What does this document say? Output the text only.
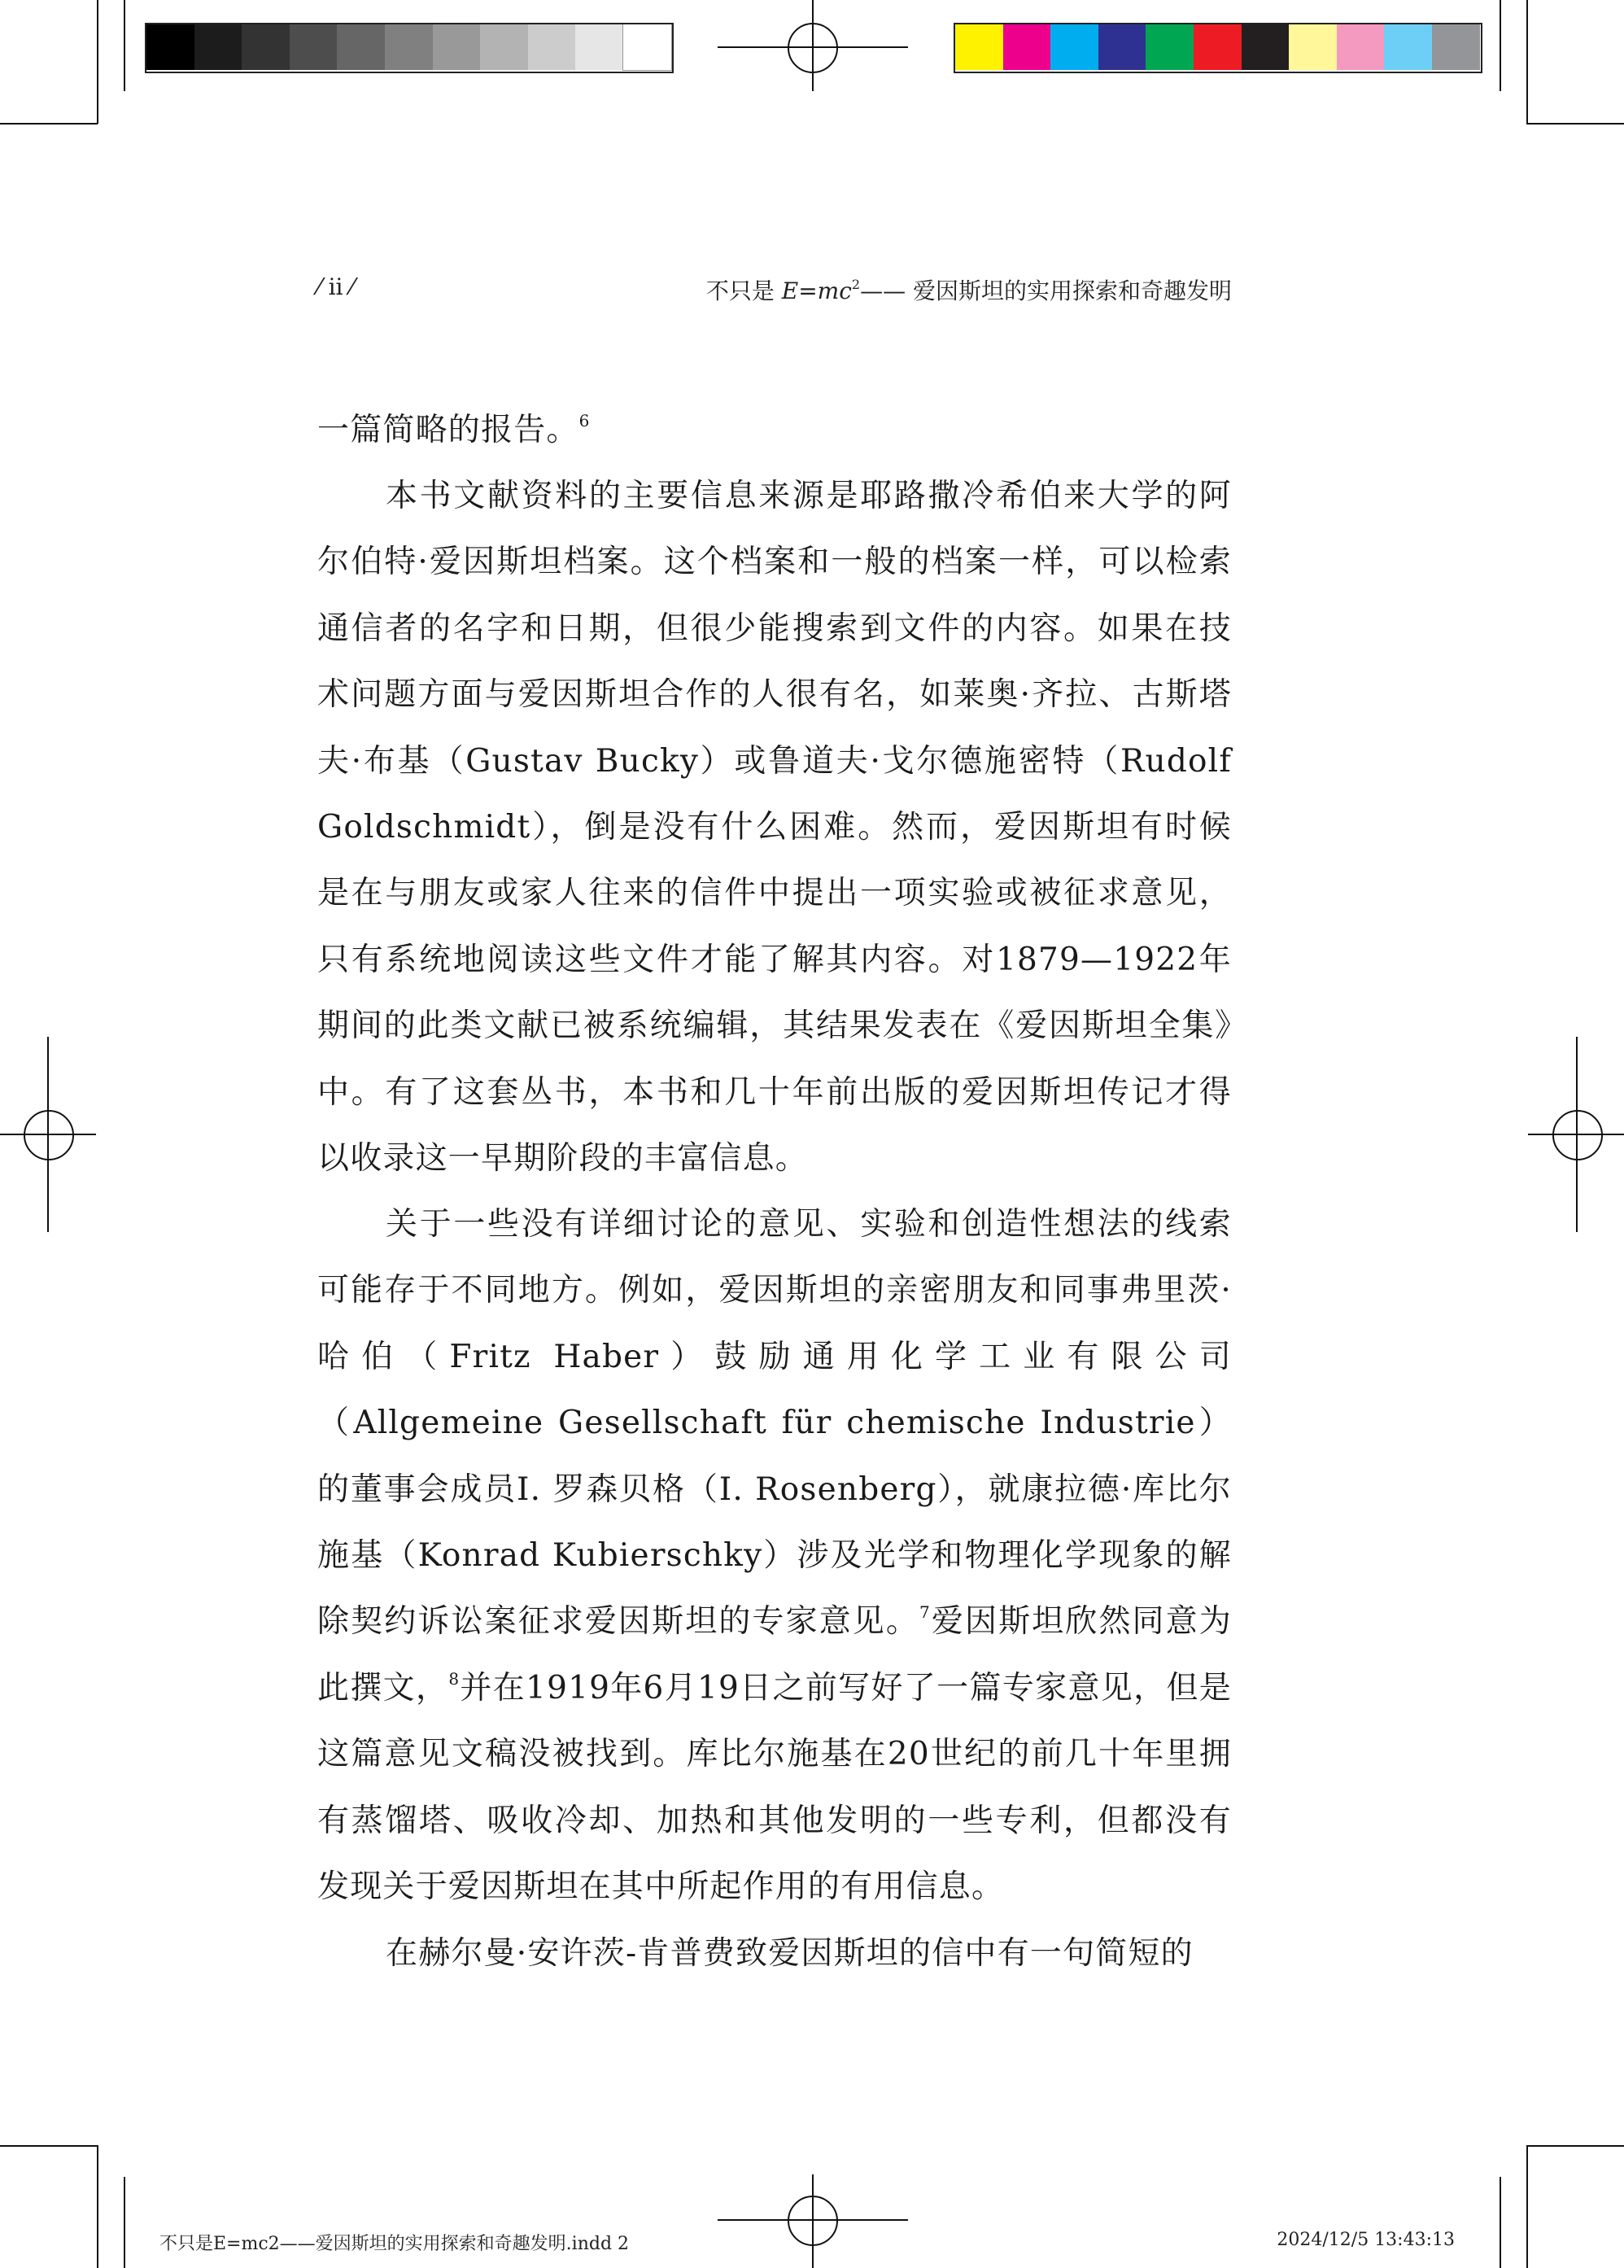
⁄ ii ⁄	不只是 $E=mc^2——$ 爱因斯坦的实用探索和奇趣发明

一篇简略的报告。$^6$

本书文献资料的主要信息来源是耶路撒冷希伯来大学的阿尔伯特·爱因斯坦档案。这个档案和一般的档案一样，可以检索通信者的名字和日期，但很少能搜索到文件的内容。如果在技术问题方面与爱因斯坦合作的人很有名，如莱奥·齐拉、古斯塔夫·布基（Gustav Bucky）或鲁道夫·戈尔德施密特（Rudolf Goldschmidt），倒是没有什么困难。然而，爱因斯坦有时候是在与朋友或家人往来的信件中提出一项实验或被征求意见，只有系统地阅读这些文件才能了解其内容。对1879—1922年期间的此类文献已被系统编辑，其结果发表在《爱因斯坦全集》中。有了这套丛书，本书和几十年前出版的爱因斯坦传记才得以收录这一早期阶段的丰富信息。

关于一些没有详细讨论的意见、实验和创造性想法的线索可能存于不同地方。例如，爱因斯坦的亲密朋友和同事弗里茨·哈伯（Fritz Haber）鼓励通用化学工业有限公司（Allgemeine Gesellschaft für chemische Industrie）的董事会成员I. 罗森贝格（I. Rosenberg），就康拉德·库比尔施基（Konrad Kubierschky）涉及光学和物理化学现象的解除契约诉讼案征求爱因斯坦的专家意见。$^7$爱因斯坦欣然同意为此撰文，$^8$并在1919年6月19日之前写好了一篇专家意见，但是这篇意见文稿没被找到。库比尔施基在20世纪的前几十年里拥有蒸馏塔、吸收冷却、加热和其他发明的一些专利，但都没有发现关于爱因斯坦在其中所起作用的有用信息。

在赫尔曼·安许茨-肯普费致爱因斯坦的信中有一句简短的

不只是E=mc2——爱因斯坦的实用探索和奇趣发明.indd 2	2024/12/5 13:43:13
